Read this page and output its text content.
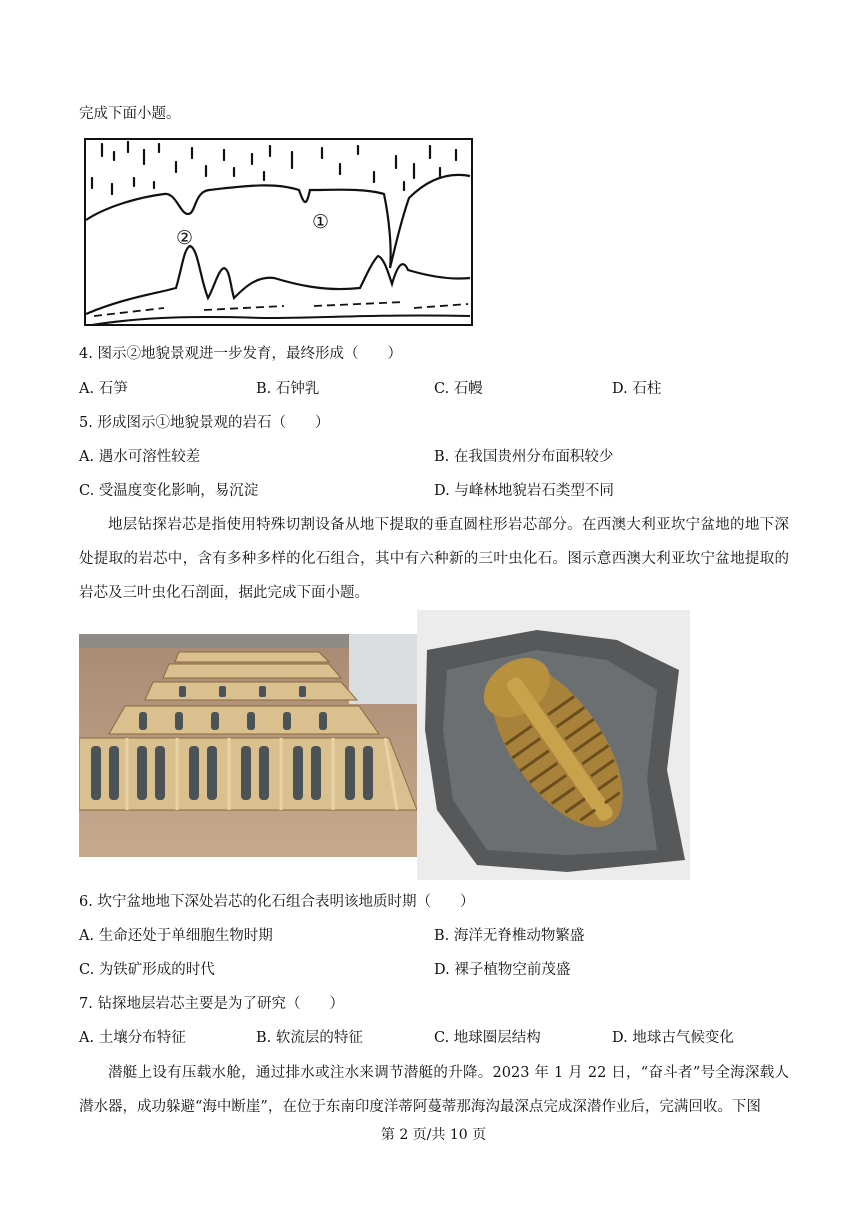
完成下面小题。
①
②
4. 图示②地貌景观进一步发育，最终形成（　　）
A. 石笋	B. 石钟乳	C. 石幔	D. 石柱
5. 形成图示①地貌景观的岩石（　　）
A. 遇水可溶性较差	B. 在我国贵州分布面积较少
C. 受温度变化影响，易沉淀	D. 与峰林地貌岩石类型不同
地层钻探岩芯是指使用特殊切割设备从地下提取的垂直圆柱形岩芯部分。在西澳大利亚坎宁盆地的地下深处提取的岩芯中，含有多种多样的化石组合，其中有六种新的三叶虫化石。图示意西澳大利亚坎宁盆地提取的岩芯及三叶虫化石剖面，据此完成下面小题。
6. 坎宁盆地地下深处岩芯的化石组合表明该地质时期（　　）
A. 生命还处于单细胞生物时期	B. 海洋无脊椎动物繁盛
C. 为铁矿形成的时代	D. 裸子植物空前茂盛
7. 钻探地层岩芯主要是为了研究（　　）
A. 土壤分布特征	B. 软流层的特征	C. 地球圈层结构	D. 地球古气候变化
潜艇上设有压载水舱，通过排水或注水来调节潜艇的升降。2023 年 1 月 22 日，“奋斗者”号全海深载人潜水器，成功躲避“海中断崖”，在位于东南印度洋蒂阿蔓蒂那海沟最深点完成深潜作业后，完满回收。下图
第 2 页/共 10 页
